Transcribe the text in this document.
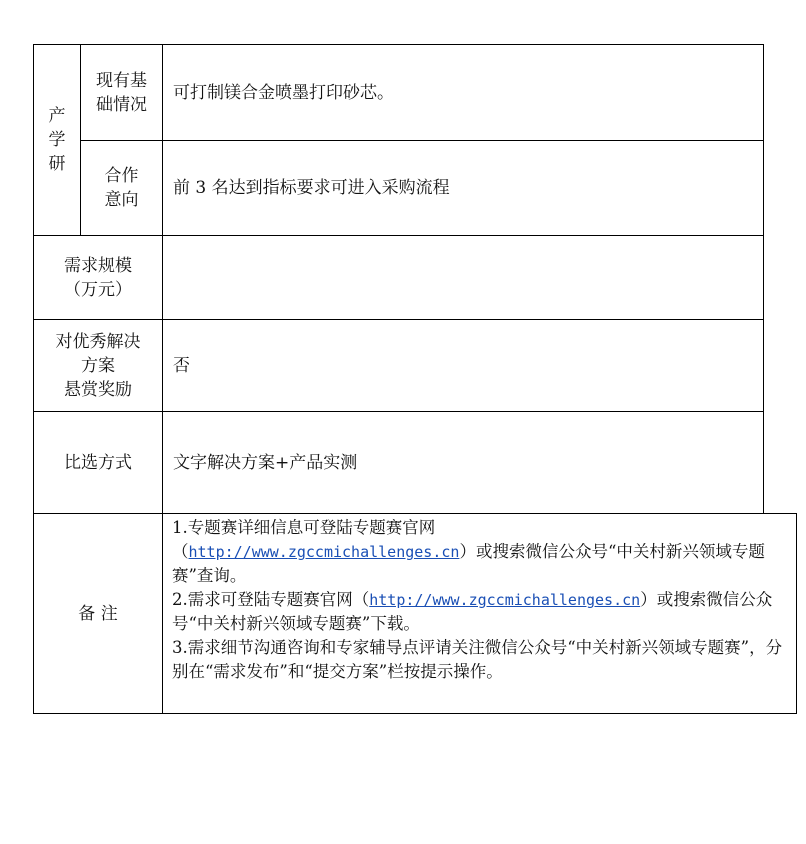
产
学
研
现有基
础情况
可打制镁合金喷墨打印砂芯。
合作
意向
前 3 名达到指标要求可进入采购流程
需求规模
（万元）
对优秀解决
方案
悬赏奖励
否
比选方式	文字解决方案+产品实测
备 注

1.专题赛详细信息可登陆专题赛官网
（http://www.zgccmichallenges.cn）或搜索微信公众号“中关村新兴领域专题赛”查询。

2.需求可登陆专题赛官网（http://www.zgccmichallenges.cn）或搜索微信公众号“中关村新兴领域专题赛”下载。

3.需求细节沟通咨询和专家辅导点评请关注微信公众号“中关村新兴领域专题赛”，分别在“需求发布”和“提交方案”栏按提示操作。
